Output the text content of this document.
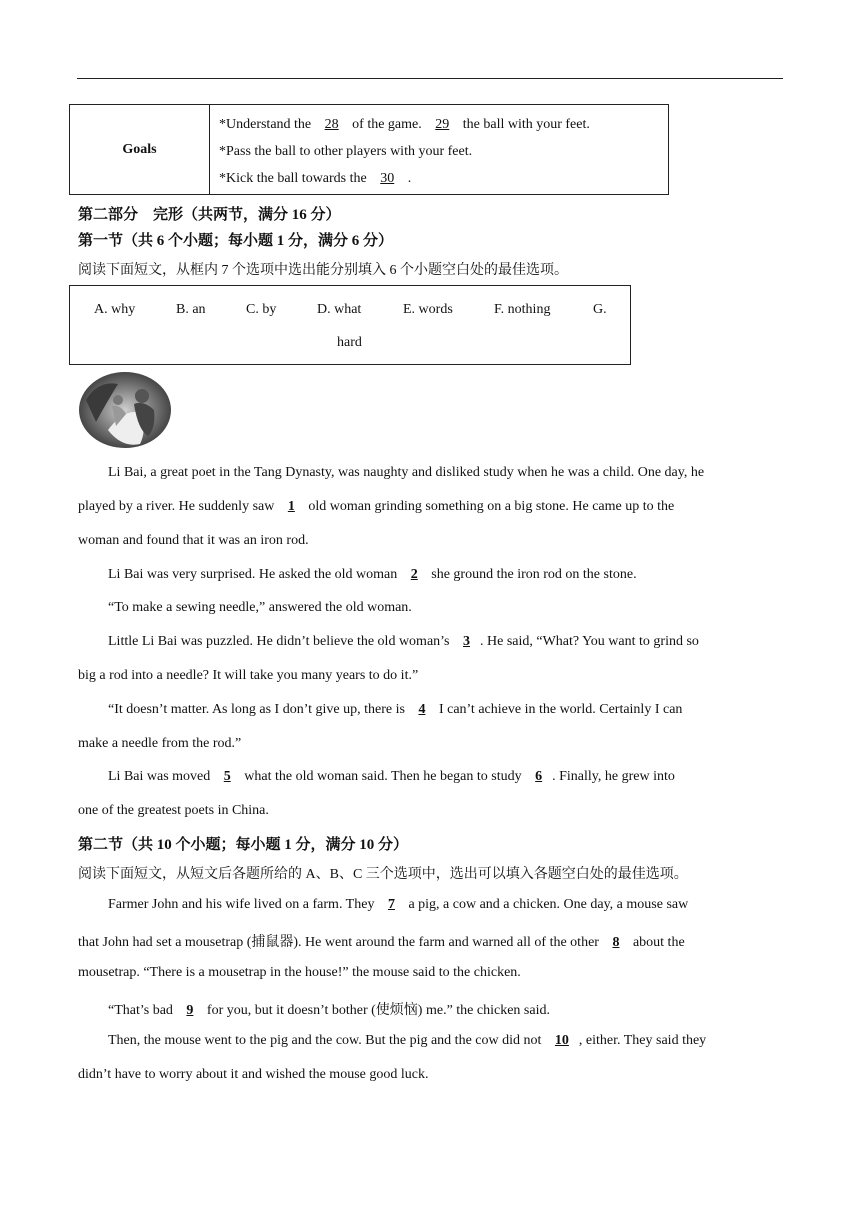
Goals
*Understand the 28 of the game. 29 the ball with your feet.
*Pass the ball to other players with your feet.
*Kick the ball towards the 30 .
第二部分　完形（共两节，满分 16 分）
第一节（共 6 个小题；每小题 1 分，满分 6 分）
阅读下面短文，从框内 7 个选项中选出能分别填入 6 个小题空白处的最佳选项。
A. why	B. an	C. by	D. what	E. words	F. nothing	G.
hard
Li Bai, a great poet in the Tang Dynasty, was naughty and disliked study when he was a child. One day, he
played by a river. He suddenly saw 1 old woman grinding something on a big stone. He came up to the
woman and found that it was an iron rod.
Li Bai was very surprised. He asked the old woman 2 she ground the iron rod on the stone.
“To make a sewing needle,” answered the old woman.
Little Li Bai was puzzled. He didn’t believe the old woman’s 3 . He said, “What? You want to grind so
big a rod into a needle? It will take you many years to do it.”
“It doesn’t matter. As long as I don’t give up, there is 4 I can’t achieve in the world. Certainly I can
make a needle from the rod.”
Li Bai was moved 5 what the old woman said. Then he began to study 6 . Finally, he grew into
one of the greatest poets in China.
第二节（共 10 个小题；每小题 1 分，满分 10 分）
阅读下面短文，从短文后各题所给的 A、B、C 三个选项中，选出可以填入各题空白处的最佳选项。
Farmer John and his wife lived on a farm. They 7 a pig, a cow and a chicken. One day, a mouse saw
that John had set a mousetrap (捕鼠器). He went around the farm and warned all of the other 8 about the
mousetrap. “There is a mousetrap in the house!” the mouse said to the chicken.
“That’s bad 9 for you, but it doesn’t bother (使烦恼) me.” the chicken said.
Then, the mouse went to the pig and the cow. But the pig and the cow did not 10 , either. They said they
didn’t have to worry about it and wished the mouse good luck.
